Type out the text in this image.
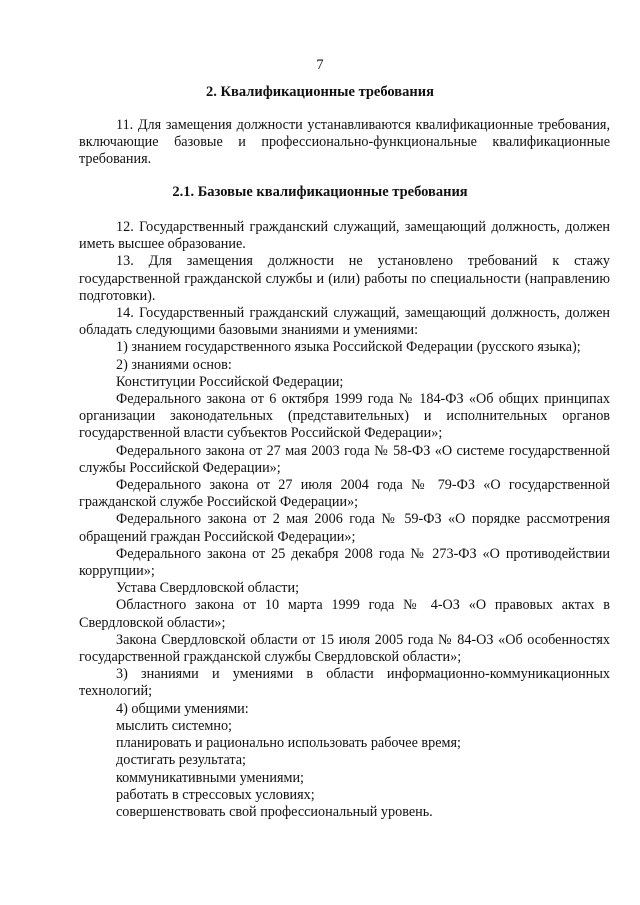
7
2. Квалификационные требования

11. Для замещения должности устанавливаются квалификационные требования, включающие базовые и профессионально-функциональные квалификационные требования.

2.1. Базовые квалификационные требования

12. Государственный гражданский служащий, замещающий должность, должен иметь высшее образование.

13. Для замещения должности не установлено требований к стажу государственной гражданской службы и (или) работы по специальности (направлению подготовки).

14. Государственный гражданский служащий, замещающий должность, должен обладать следующими базовыми знаниями и умениями:

1) знанием государственного языка Российской Федерации (русского языка);

2) знаниями основ:

Конституции Российской Федерации;

Федерального закона от 6 октября 1999 года № 184-ФЗ «Об общих принципах организации законодательных (представительных) и исполнительных органов государственной власти субъектов Российской Федерации»;

Федерального закона от 27 мая 2003 года № 58-ФЗ «О системе государственной службы Российской Федерации»;

Федерального закона от 27 июля 2004 года № 79-ФЗ «О государственной гражданской службе Российской Федерации»;

Федерального закона от 2 мая 2006 года № 59-ФЗ «О порядке рассмотрения обращений граждан Российской Федерации»;

Федерального закона от 25 декабря 2008 года № 273-ФЗ «О противодействии коррупции»;

Устава Свердловской области;

Областного закона от 10 марта 1999 года № 4-ОЗ «О правовых актах в Свердловской области»;

Закона Свердловской области от 15 июля 2005 года № 84-ОЗ «Об особенностях государственной гражданской службы Свердловской области»;

3) знаниями и умениями в области информационно-коммуникационных технологий;

4) общими умениями:

мыслить системно;

планировать и рационально использовать рабочее время;

достигать результата;

коммуникативными умениями;

работать в стрессовых условиях;

совершенствовать свой профессиональный уровень.
